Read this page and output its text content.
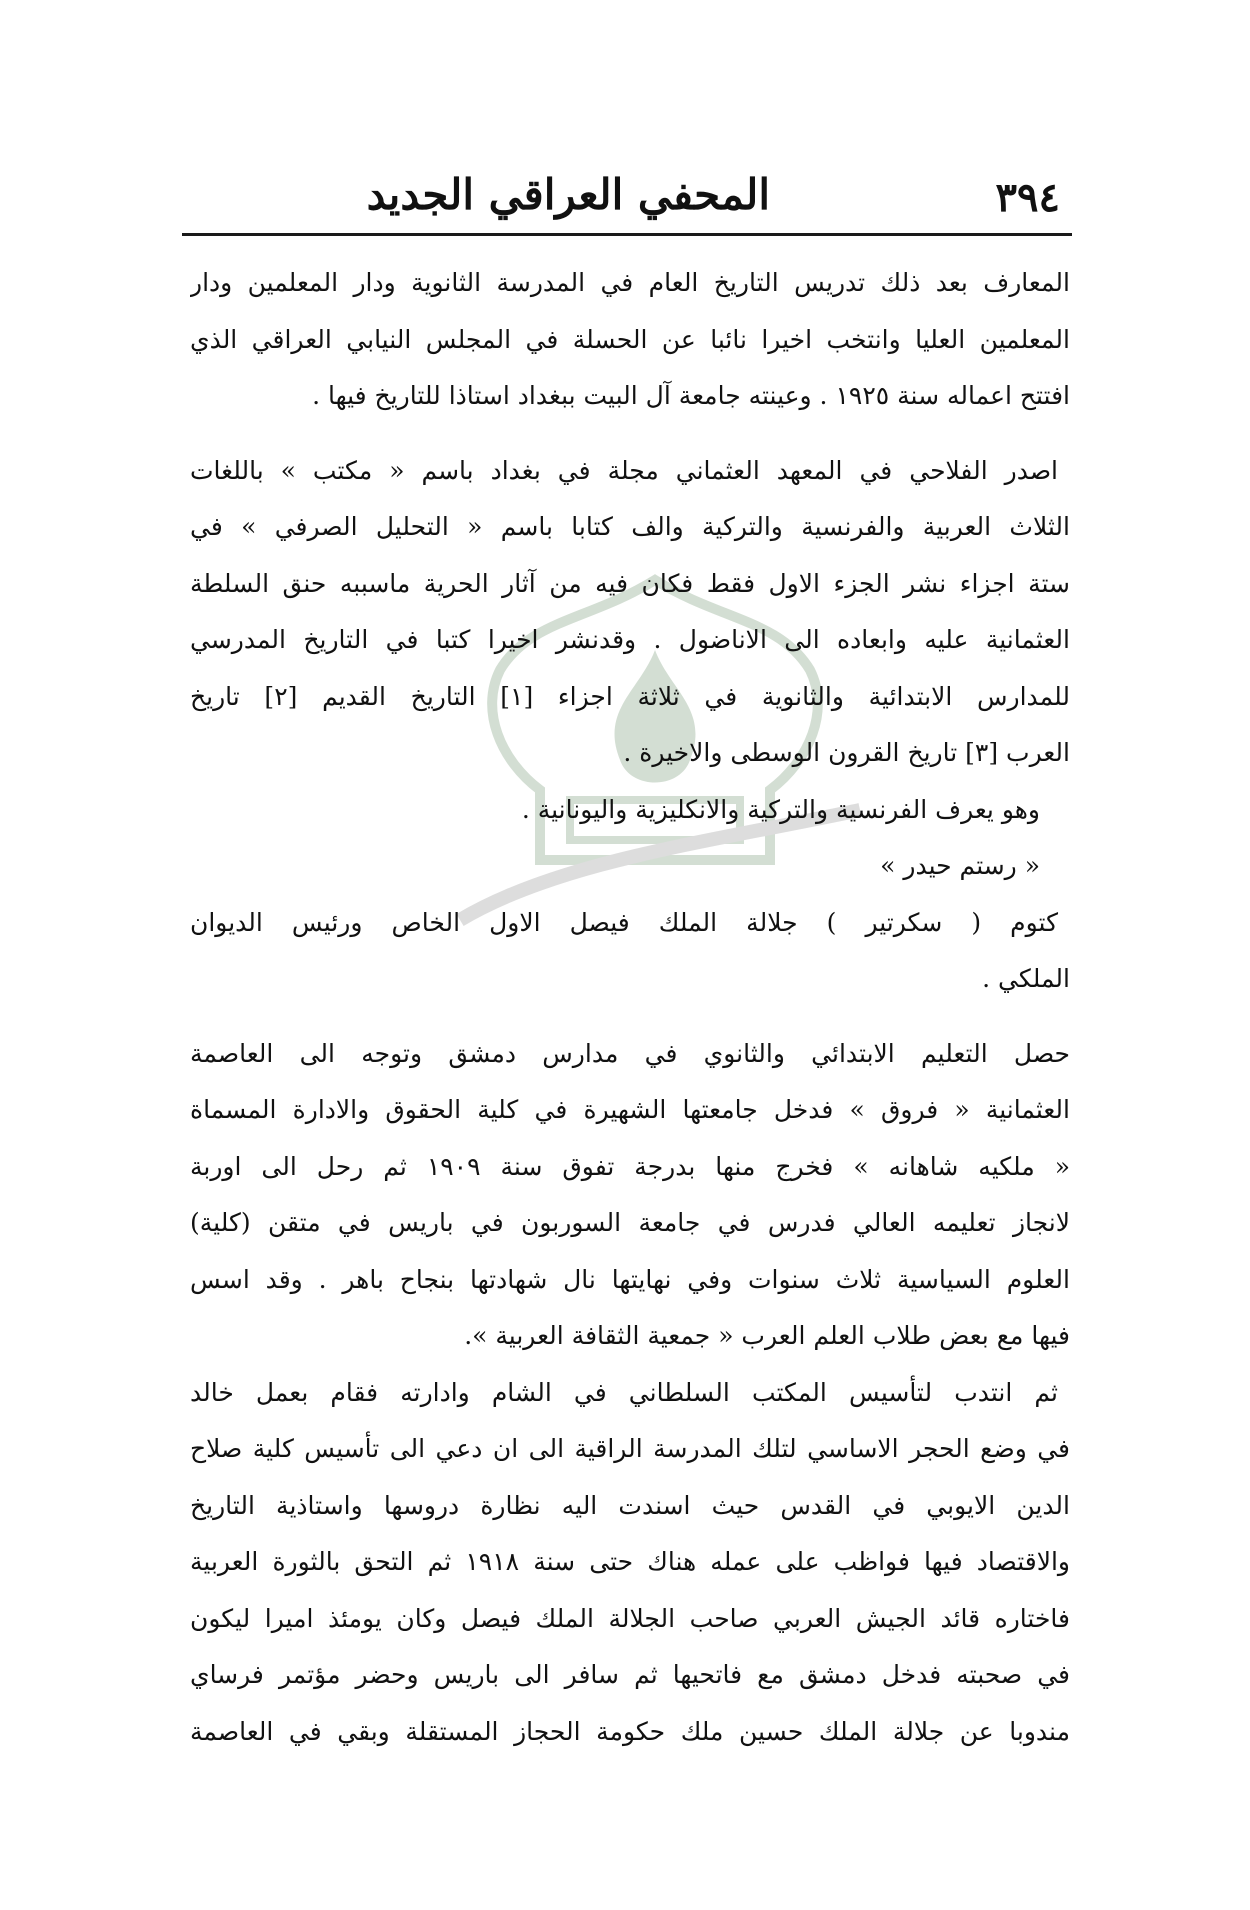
٣٩٤
المحفي العراقي الجديد
المعارف بعد ذلك تدريس التاريخ العام في المدرسة الثانوية ودار المعلمين ودار
المعلمين العليا وانتخب اخيرا نائبا عن الحسلة في المجلس النيابي العراقي الذي
افتتح اعماله سنة ١٩٢٥ . وعينته جامعة آل البيت ببغداد استاذا للتاريخ فيها .
اصدر الفلاحي في المعهد العثماني مجلة في بغداد باسم « مكتب » باللغات
الثلاث العربية والفرنسية والتركية والف كتابا باسم « التحليل الصرفي » في
ستة اجزاء نشر الجزء الاول فقط فكان فيه من آثار الحرية ماسببه حنق السلطة
العثمانية عليه وابعاده الى الاناضول . وقدنشر اخيرا كتبا في التاريخ المدرسي
للمدارس الابتدائية والثانوية في ثلاثة اجزاء [١] التاريخ القديم [٢] تاريخ
العرب [٣] تاريخ القرون الوسطى والاخيرة .
وهو يعرف الفرنسية والتركية والانكليزية واليونانية .
« رستم حيدر »
كتوم ( سكرتير ) جلالة الملك فيصل الاول الخاص ورئيس الديوان
الملكي .
حصل التعليم الابتدائي والثانوي في مدارس دمشق وتوجه الى العاصمة
العثمانية « فروق » فدخل جامعتها الشهيرة في كلية الحقوق والادارة المسماة
« ملكيه شاهانه » فخرج منها بدرجة تفوق سنة ١٩٠٩ ثم رحل الى اوربة
لانجاز تعليمه العالي فدرس في جامعة السوربون في باريس في متقن (كلية)
العلوم السياسية ثلاث سنوات وفي نهايتها نال شهادتها بنجاح باهر . وقد اسس
فيها مع بعض طلاب العلم العرب « جمعية الثقافة العربية ».
ثم انتدب لتأسيس المكتب السلطاني في الشام وادارته فقام بعمل خالد
في وضع الحجر الاساسي لتلك المدرسة الراقية الى ان دعي الى تأسيس كلية صلاح
الدين الايوبي في القدس حيث اسندت اليه نظارة دروسها واستاذية التاريخ
والاقتصاد فيها فواظب على عمله هناك حتى سنة ١٩١٨ ثم التحق بالثورة العربية
فاختاره قائد الجيش العربي صاحب الجلالة الملك فيصل وكان يومئذ اميرا ليكون
في صحبته فدخل دمشق مع فاتحيها ثم سافر الى باريس وحضر مؤتمر فرساي
مندوبا عن جلالة الملك حسين ملك حكومة الحجاز المستقلة وبقي في العاصمة
